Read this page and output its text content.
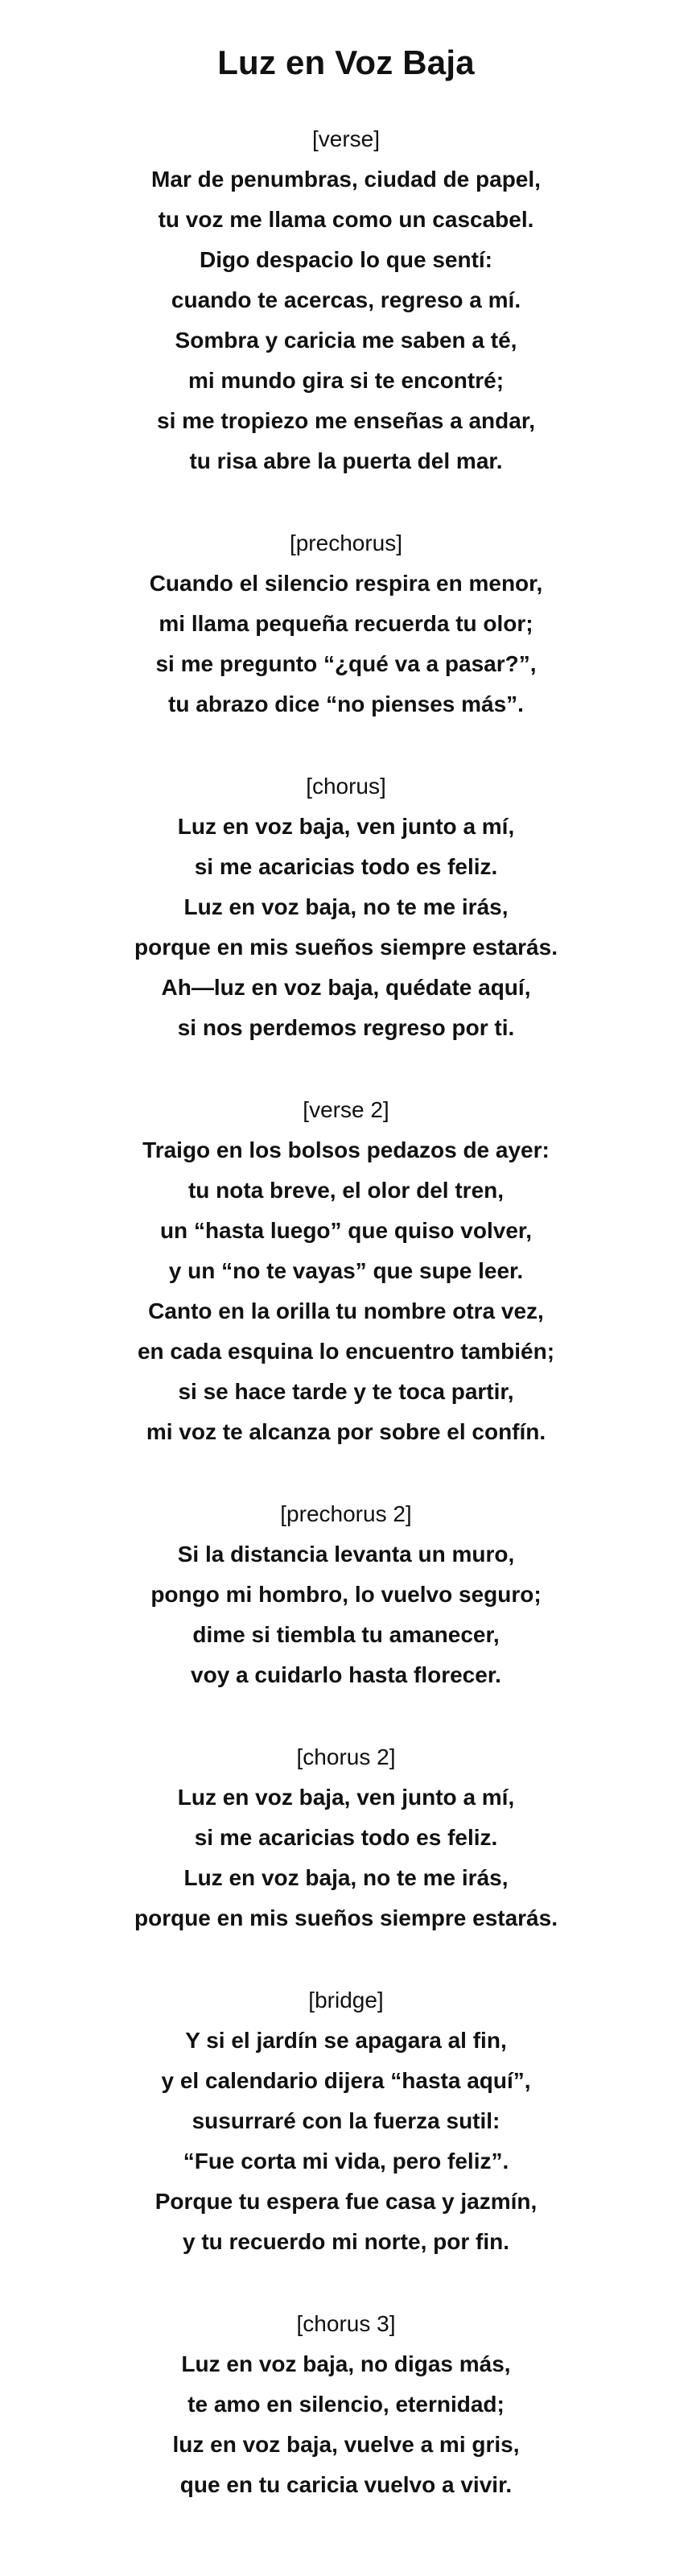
Luz en Voz Baja

[verse]

Mar de penumbras, ciudad de papel,

tu voz me llama como un cascabel.

Digo despacio lo que sentí:

cuando te acercas, regreso a mí.

Sombra y caricia me saben a té,

mi mundo gira si te encontré;

si me tropiezo me enseñas a andar,

tu risa abre la puerta del mar.

[prechorus]

Cuando el silencio respira en menor,

mi llama pequeña recuerda tu olor;

si me pregunto “¿qué va a pasar?”,

tu abrazo dice “no pienses más”.

[chorus]

Luz en voz baja, ven junto a mí,

si me acaricias todo es feliz.

Luz en voz baja, no te me irás,

porque en mis sueños siempre estarás.

Ah—luz en voz baja, quédate aquí,

si nos perdemos regreso por ti.

[verse 2]

Traigo en los bolsos pedazos de ayer:

tu nota breve, el olor del tren,

un “hasta luego” que quiso volver,

y un “no te vayas” que supe leer.

Canto en la orilla tu nombre otra vez,

en cada esquina lo encuentro también;

si se hace tarde y te toca partir,

mi voz te alcanza por sobre el confín.

[prechorus 2]

Si la distancia levanta un muro,

pongo mi hombro, lo vuelvo seguro;

dime si tiembla tu amanecer,

voy a cuidarlo hasta florecer.

[chorus 2]

Luz en voz baja, ven junto a mí,

si me acaricias todo es feliz.

Luz en voz baja, no te me irás,

porque en mis sueños siempre estarás.

[bridge]

Y si el jardín se apagara al fin,

y el calendario dijera “hasta aquí”,

susurraré con la fuerza sutil:

“Fue corta mi vida, pero feliz”.

Porque tu espera fue casa y jazmín,

y tu recuerdo mi norte, por fin.

[chorus 3]

Luz en voz baja, no digas más,

te amo en silencio, eternidad;

luz en voz baja, vuelve a mi gris,

que en tu caricia vuelvo a vivir.
